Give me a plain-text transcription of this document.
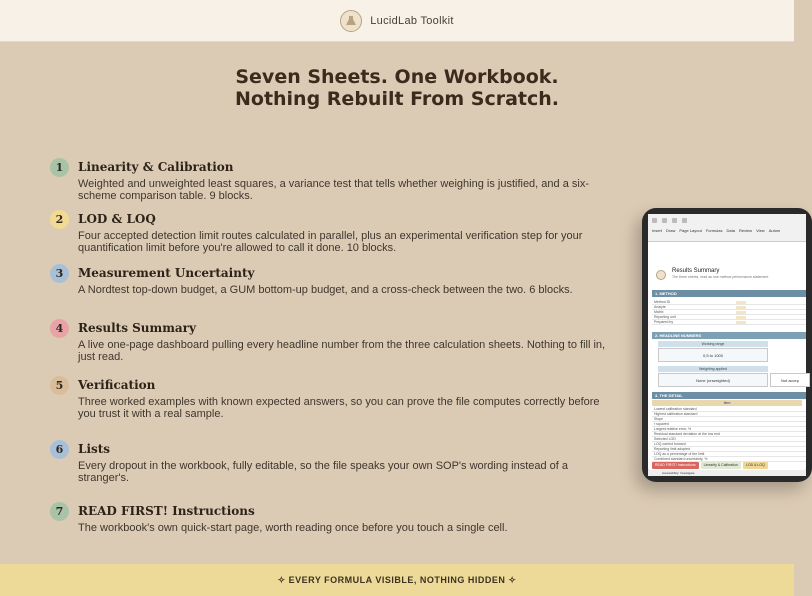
LucidLab Toolkit
Seven Sheets. One Workbook.
Nothing Rebuilt From Scratch.
1	Linearity & Calibration
Weighted and unweighted least squares, a variance test that tells whether weighing is justified, and a six-scheme comparison table. 9 blocks.
2	LOD & LOQ
Four accepted detection limit routes calculated in parallel, plus an experimental verification step for your quantification limit before you're allowed to call it done. 10 blocks.
3	Measurement Uncertainty
A Nordtest top-down budget, a GUM bottom-up budget, and a cross-check between the two. 6 blocks.
4	Results Summary
A live one-page dashboard pulling every headline number from the three calculation sheets. Nothing to fill in, just read.
5	Verification
Three worked examples with known expected answers, so you can prove the file computes correctly before you trust it with a real sample.
6	Lists
Every dropout in the workbook, fully editable, so the file speaks your own SOP's wording instead of a stranger's.
7	READ FIRST! Instructions
The workbook's own quick-start page, worth reading once before you touch a single cell.
Insert Draw Page Layout Formulas Data Review View Autom
Results Summary
The three sheets, read as one method performance statement
1. METHOD
Method ID
Analyte
Matrix
Reporting unit
Prepared by
2. HEADLINE NUMBERS
Working range
0,5 to 1000
Weighting applied
None (unweighted)	Not accep
3. THE DETAIL
Item
Lowest calibration standard
Highest calibration standard
Slope
r squared
Largest relative error, %
Residual standard deviation at the low end
Selected LOD
LOQ carried forward
Reporting limit adopted
LOQ as a percentage of the limit
Combined standard uncertainty, %
READ FIRST! Instructions	Linearity & Calibration	LOD & LOQ
Accessibility: Investigate
✧ EVERY FORMULA VISIBLE, NOTHING HIDDEN ✧
